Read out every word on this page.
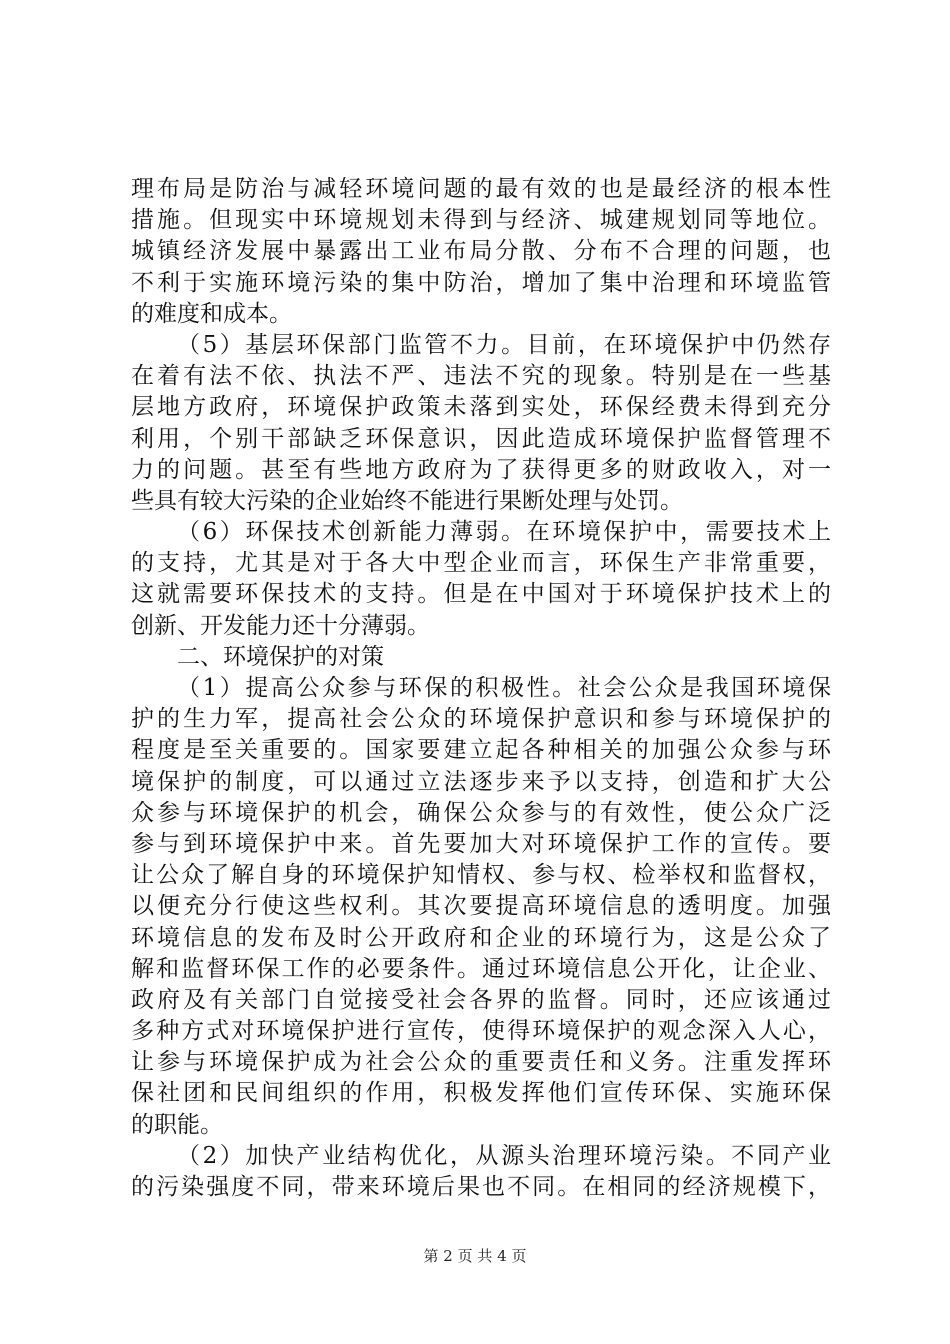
理布局是防治与减轻环境问题的最有效的也是最经济的根本性
措施。但现实中环境规划未得到与经济、城建规划同等地位。
城镇经济发展中暴露出工业布局分散、分布不合理的问题，也
不利于实施环境污染的集中防治，增加了集中治理和环境监管
的难度和成本。
（5）基层环保部门监管不力。目前，在环境保护中仍然存
在着有法不依、执法不严、违法不究的现象。特别是在一些基
层地方政府，环境保护政策未落到实处，环保经费未得到充分
利用，个别干部缺乏环保意识，因此造成环境保护监督管理不
力的问题。甚至有些地方政府为了获得更多的财政收入，对一
些具有较大污染的企业始终不能进行果断处理与处罚。
（6）环保技术创新能力薄弱。在环境保护中，需要技术上
的支持，尤其是对于各大中型企业而言，环保生产非常重要，
这就需要环保技术的支持。但是在中国对于环境保护技术上的
创新、开发能力还十分薄弱。
二、环境保护的对策
（1）提高公众参与环保的积极性。社会公众是我国环境保
护的生力军，提高社会公众的环境保护意识和参与环境保护的
程度是至关重要的。国家要建立起各种相关的加强公众参与环
境保护的制度，可以通过立法逐步来予以支持，创造和扩大公
众参与环境保护的机会，确保公众参与的有效性，使公众广泛
参与到环境保护中来。首先要加大对环境保护工作的宣传。要
让公众了解自身的环境保护知情权、参与权、检举权和监督权，
以便充分行使这些权利。其次要提高环境信息的透明度。加强
环境信息的发布及时公开政府和企业的环境行为，这是公众了
解和监督环保工作的必要条件。通过环境信息公开化，让企业、
政府及有关部门自觉接受社会各界的监督。同时，还应该通过
多种方式对环境保护进行宣传，使得环境保护的观念深入人心，
让参与环境保护成为社会公众的重要责任和义务。注重发挥环
保社团和民间组织的作用，积极发挥他们宣传环保、实施环保
的职能。
（2）加快产业结构优化，从源头治理环境污染。不同产业
的污染强度不同，带来环境后果也不同。在相同的经济规模下，
第 2 页 共 4 页
